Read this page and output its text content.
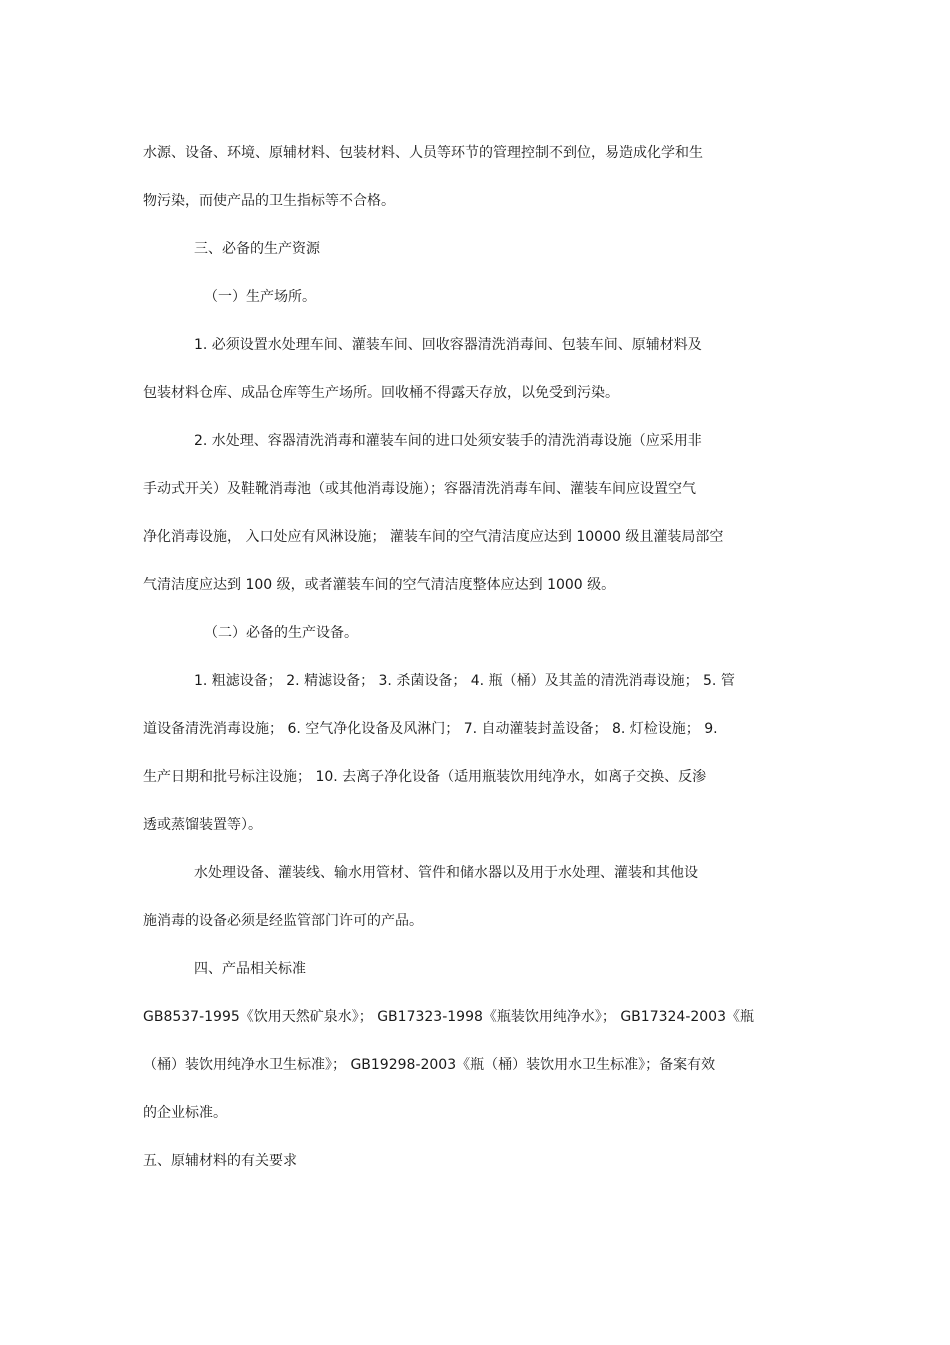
水源、设备、环境、原辅材料、包装材料、人员等环节的管理控制不到位，易造成化学和生

物污染，而使产品的卫生指标等不合格。

三、必备的生产资源

（一）生产场所。

1. 必须设置水处理车间、灌装车间、回收容器清洗消毒间、包装车间、原辅材料及

包装材料仓库、成品仓库等生产场所。回收桶不得露天存放，以免受到污染。

2. 水处理、容器清洗消毒和灌装车间的进口处须安装手的清洗消毒设施（应采用非

手动式开关）及鞋靴消毒池（或其他消毒设施）；容器清洗消毒车间、灌装车间应设置空气

净化消毒设施， 入口处应有风淋设施； 灌装车间的空气清洁度应达到 10000 级且灌装局部空

气清洁度应达到 100 级，或者灌装车间的空气清洁度整体应达到 1000 级。

（二）必备的生产设备。

1. 粗滤设备； 2. 精滤设备； 3. 杀菌设备； 4. 瓶（桶）及其盖的清洗消毒设施； 5. 管

道设备清洗消毒设施； 6. 空气净化设备及风淋门； 7. 自动灌装封盖设备； 8. 灯检设施； 9.

生产日期和批号标注设施； 10. 去离子净化设备（适用瓶装饮用纯净水，如离子交换、反渗

透或蒸馏装置等）。

水处理设备、灌装线、输水用管材、管件和储水器以及用于水处理、灌装和其他设

施消毒的设备必须是经监管部门许可的产品。

四、产品相关标准

GB8537-1995《饮用天然矿泉水》； GB17323-1998《瓶装饮用纯净水》； GB17324-2003《瓶

（桶）装饮用纯净水卫生标准》； GB19298-2003《瓶（桶）装饮用水卫生标准》；备案有效

的企业标准。

五、原辅材料的有关要求
